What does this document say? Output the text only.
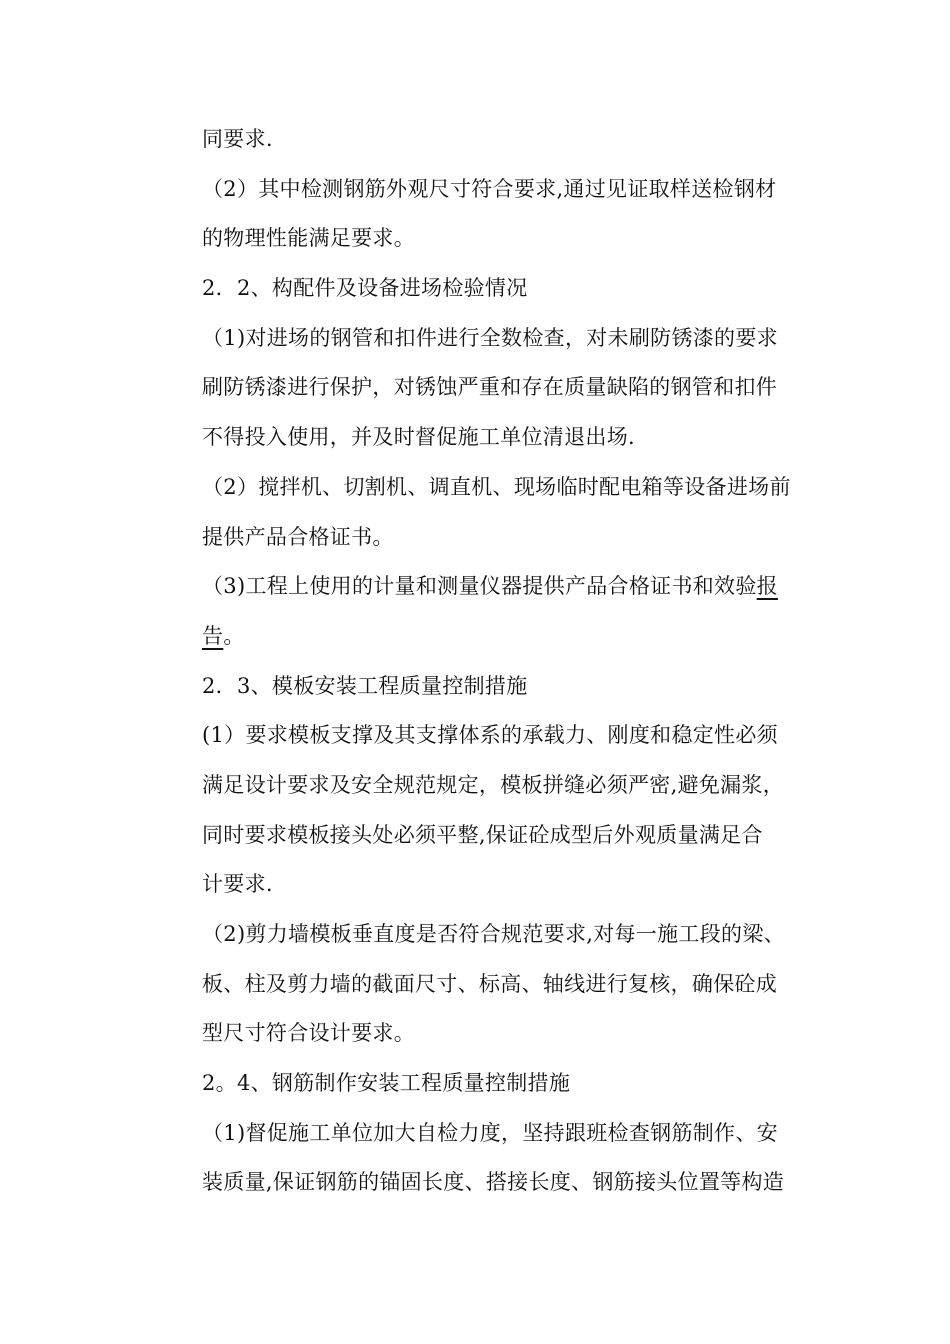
同要求.
（2）其中检测钢筋外观尺寸符合要求,通过见证取样送检钢材
的物理性能满足要求。
2．2、构配件及设备进场检验情况
（1)对进场的钢管和扣件进行全数检查，对未刷防锈漆的要求
刷防锈漆进行保护，对锈蚀严重和存在质量缺陷的钢管和扣件
不得投入使用，并及时督促施工单位清退出场.
（2）搅拌机、切割机、调直机、现场临时配电箱等设备进场前
提供产品合格证书。
（3)工程上使用的计量和测量仪器提供产品合格证书和效验报
告。
2．3、模板安装工程质量控制措施
(1）要求模板支撑及其支撑体系的承载力、刚度和稳定性必须
满足设计要求及安全规范规定，模板拼缝必须严密,避免漏浆，
同时要求模板接头处必须平整,保证砼成型后外观质量满足合
计要求.
（2)剪力墙模板垂直度是否符合规范要求,对每一施工段的梁、
板、柱及剪力墙的截面尺寸、标高、轴线进行复核，确保砼成
型尺寸符合设计要求。
2。4、钢筋制作安装工程质量控制措施
（1)督促施工单位加大自检力度，坚持跟班检查钢筋制作、安
装质量,保证钢筋的锚固长度、搭接长度、钢筋接头位置等构造
